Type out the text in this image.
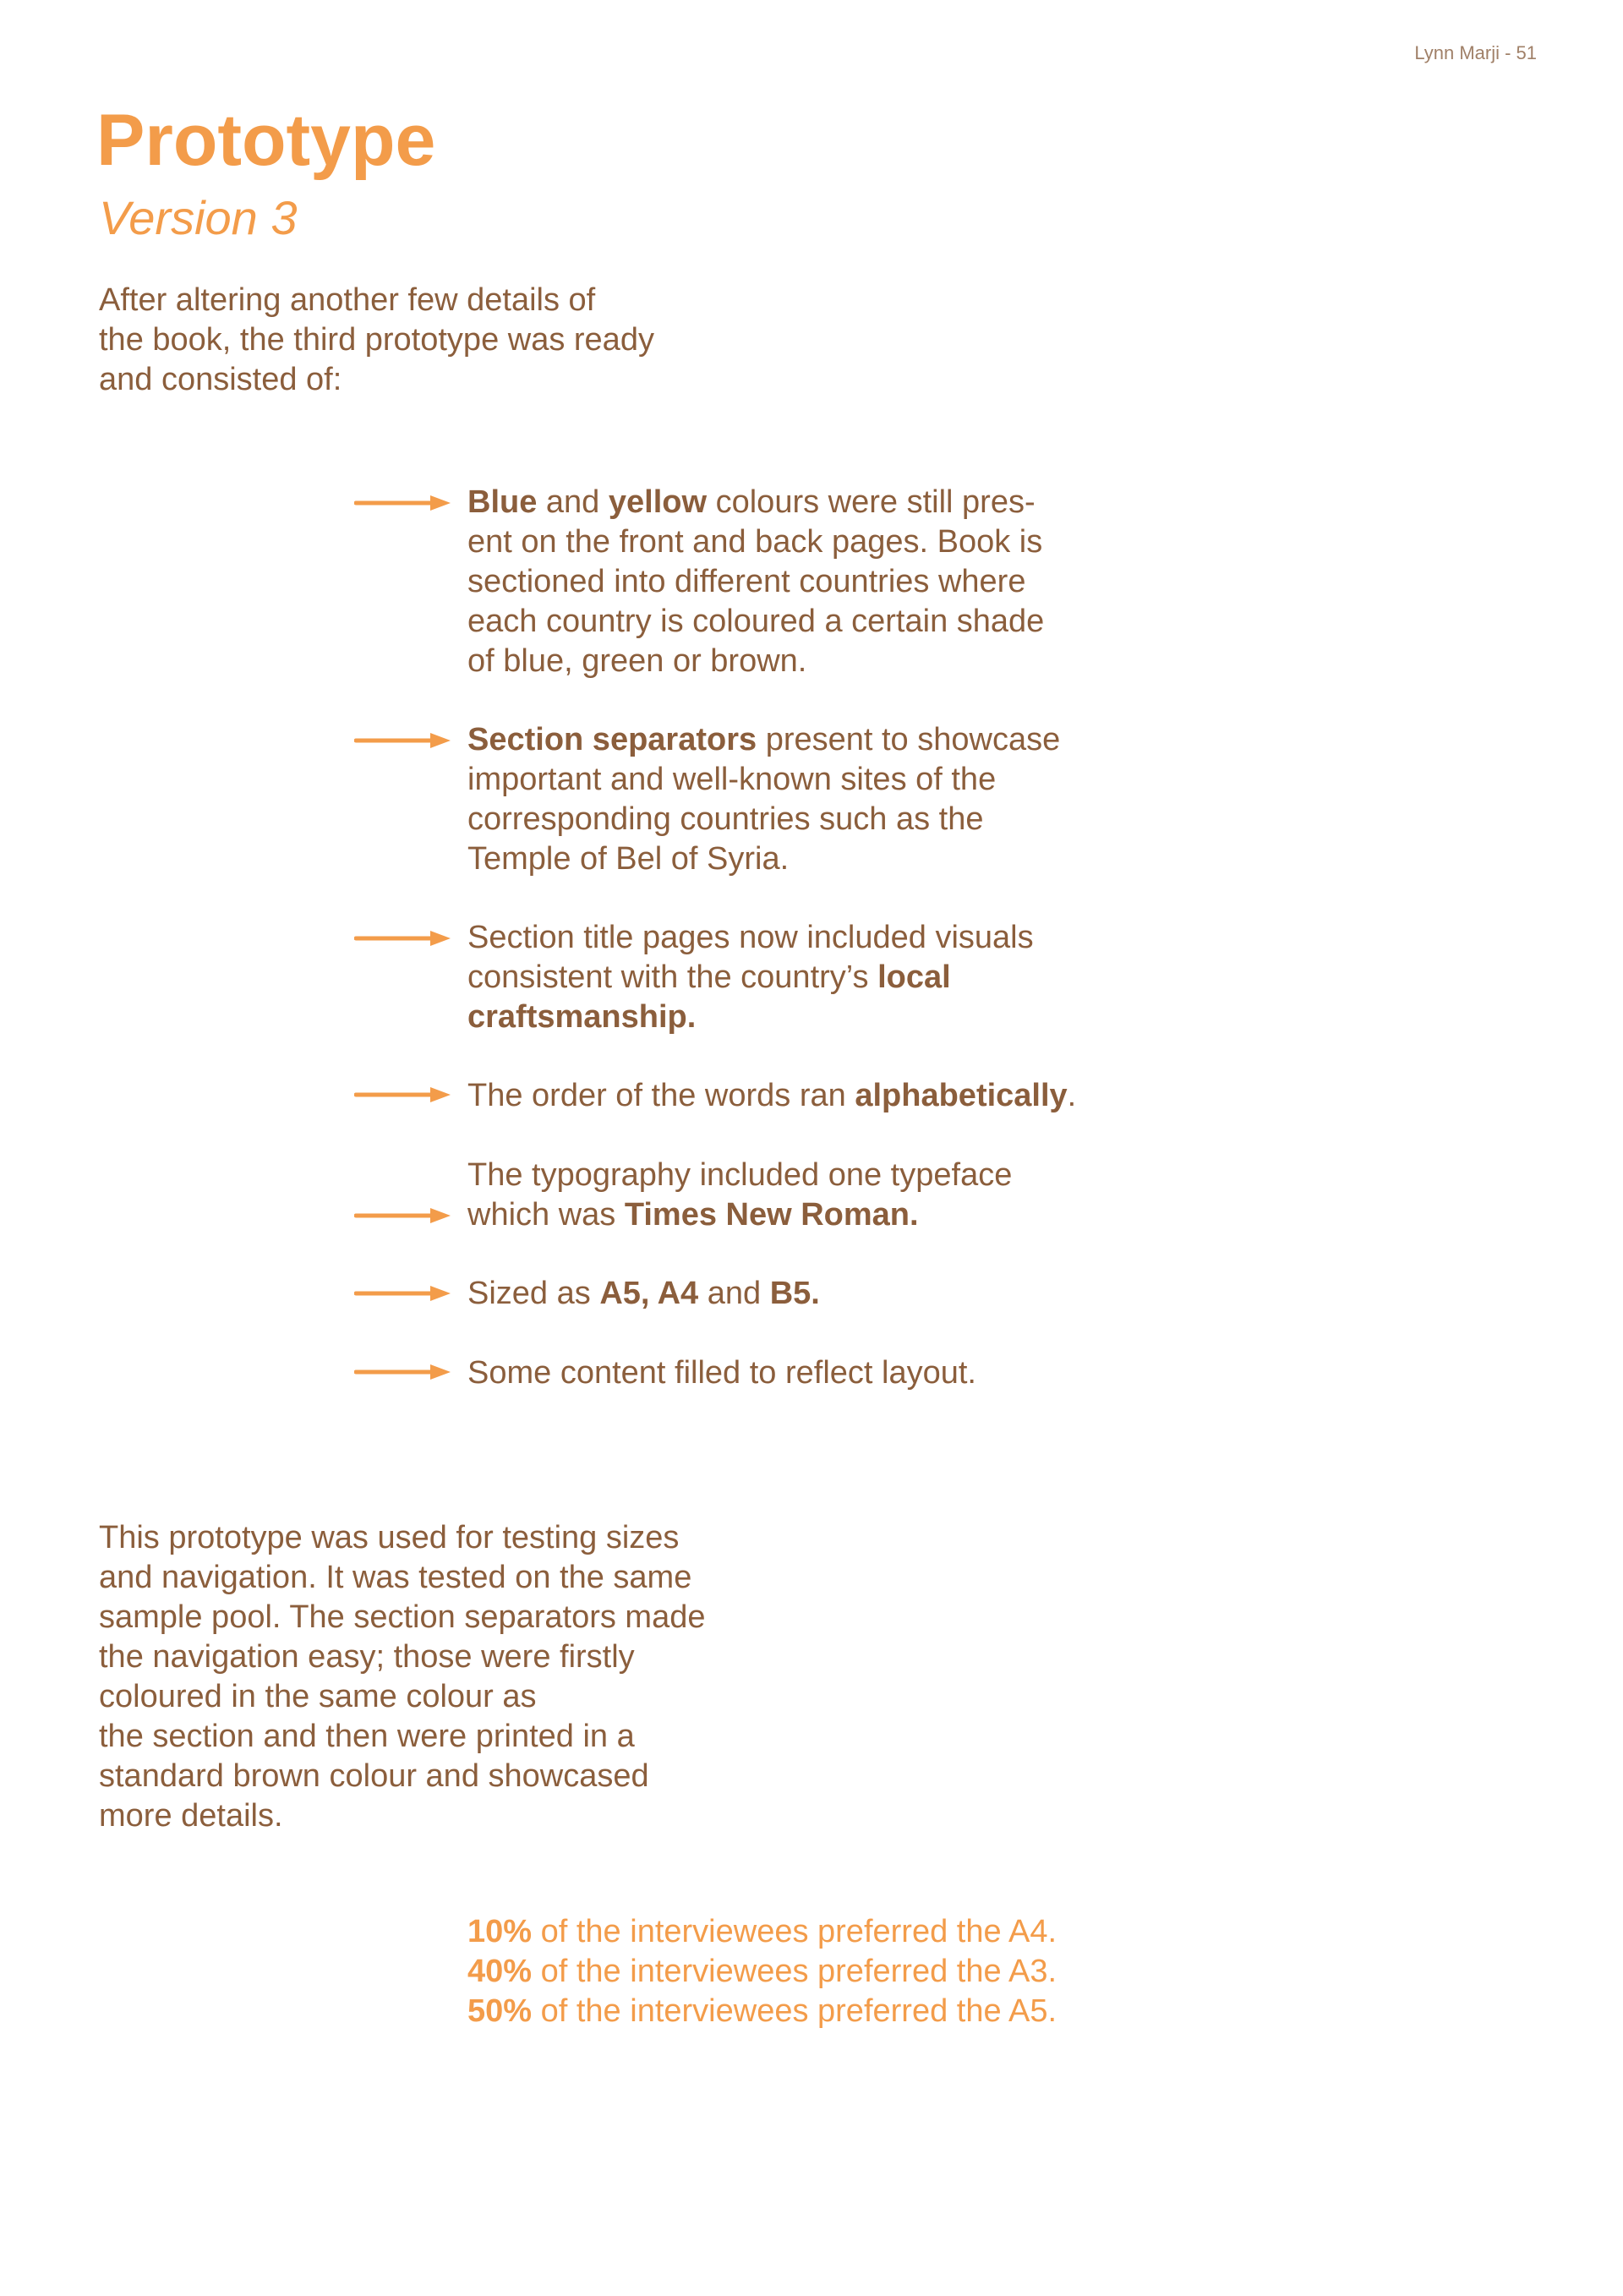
Lynn Marji - 51
Prototype
Version 3
After altering another few details of
the book, the third prototype was ready
and consisted of:
Blue and yellow colours were still pres-
ent on the front and back pages. Book is
sectioned into different countries where
each country is coloured a certain shade
of blue, green or brown.
Section separators present to showcase
important and well-known sites of the
corresponding countries such as the
Temple of Bel of Syria.
Section title pages now included visuals
consistent with the country’s local
craftsmanship.
The order of the words ran alphabetically.
The typography included one typeface
which was Times New Roman.
Sized as A5, A4 and B5.
Some content filled to reflect layout.
This prototype was used for testing sizes
and navigation. It was tested on the same
sample pool. The section separators made
the navigation easy; those were firstly
coloured in the same colour as
the section and then were printed in a
standard brown colour and showcased
more details.
10% of the interviewees preferred the A4.
40% of the interviewees preferred the A3.
50% of the interviewees preferred the A5.
